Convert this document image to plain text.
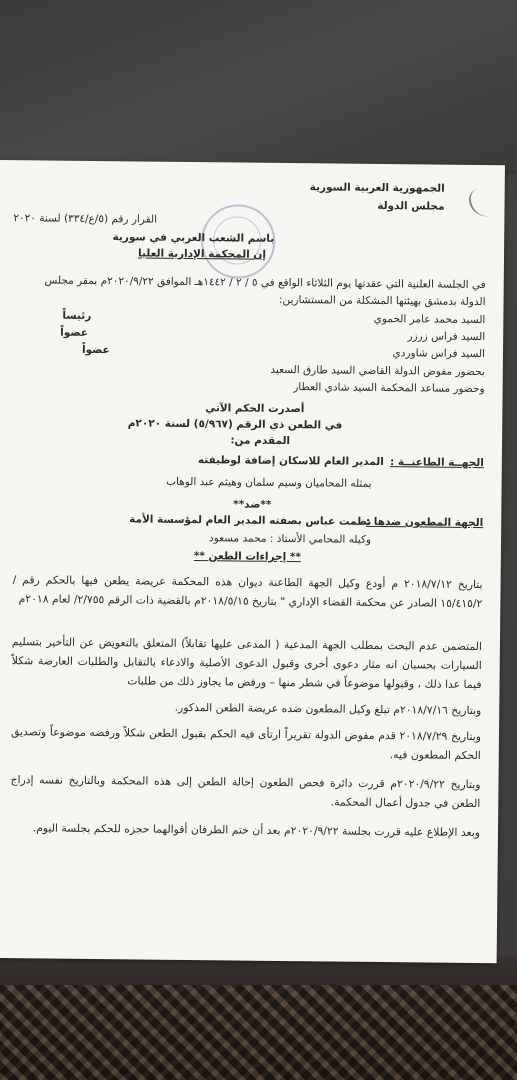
الجمهورية العربية السورية
مجلس الدولة
القرار رقم (٥/ع/٣٣٤) لسنة ٢٠٢٠
باسم الشعب العربي في سورية
إن المحكمة الإدارية العليا
في الجلسة العلنية التي عقدتها يوم الثلاثاء الواقع في ٥ / ٢ / ١٤٤٢هـ الموافق ٢٠٢٠/٩/٢٢م بمقر مجلس
الدولة بدمشق بهيئتها المشكلة من المستشارين:
السيد محمد عامر الحموي
رئيساً
السيد فراس زرزر
عضواً
السيد فراس شاوردي
عضواً
بحضور مفوض الدولة القاضي السيد طارق السعيد
وحضور مساعد المحكمة السيد شادي العطار
أصدرت الحكم الآتي
في الطعن ذي الرقم (٥/٩٦٧) لسنة ٢٠٢٠م
المقدم من:
الجهــة الطاعنــة :
المدير العام للاسكان إضافة لوظيفته
يمثله المحاميان وسيم سلمان وهيثم عبد الوهاب
**ضد**
الجهة المطعون ضدها :
نظمت عباس بصفته المدير العام لمؤسسة الأمة
وكيله المحامي الأستاذ : محمد مسعود
** إجراءات الطعن **
بتاريخ ٢٠١٨/٧/١٢ م أودع وكيل الجهة الطاعنة ديوان هذه المحكمة عريضة يطعن فيها بالحكم رقم /١٥/٤١٥/٢ الصادر عن محكمة القضاء الإداري " بتاريخ ٢٠١٨/٥/١٥م بالقضية ذات الرقم ٢/٧٥٥/ لعام ٢٠١٨م
المتضمن عدم البحث بمطلب الجهة المدعية ( المدعى عليها تقابلاً) المتعلق بالتعويض عن التأخير بتسليم السيارات بحسبان انه مثار دعوى أخرى وقبول الدعوى الأصلية والادعاء بالتقابل والطلبات العارضة شكلاً فيما عدا ذلك ، وقبولها موضوعاً في شطر منها – ورفض ما يجاوز ذلك من طلبات
وبتاريخ ٢٠١٨/٧/١٦م تبلغ وكيل المطعون ضده عريضة الطعن المذكور.
وبتاريخ ٢٠١٨/٧/٢٩ قدم مفوض الدولة تقريراً ارتأى فيه الحكم بقبول الطعن شكلاً ورفضه موضوعاً وتصديق الحكم المطعون فيه.
وبتاريخ ٢٠٢٠/٩/٢٢م قررت دائرة فحص الطعون إحالة الطعن إلى هذه المحكمة وبالتاريخ نفسه إدراج الطعن في جدول أعمال المحكمة.
وبعد الإطلاع عليه قررت بجلسة ٢٠٢٠/٩/٢٢م بعد أن ختم الطرفان أقوالهما حجزه للحكم بجلسة اليوم.
